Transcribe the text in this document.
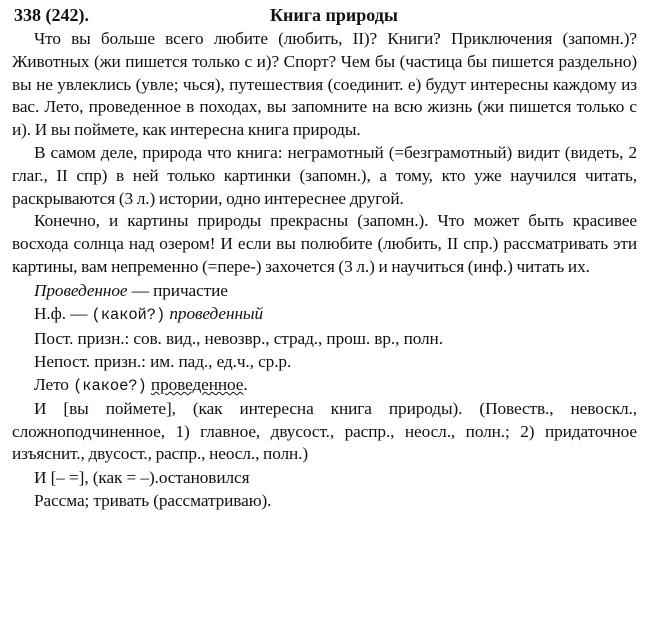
338 (242).	Книга природы

Что вы больше всего любите (любить, II)? Книги? Приключения (запомн.)? Животных (жи пишется только с и)? Спорт? Чем бы (частица бы пишется раздельно) вы не увлеклись (увле; чься), путешествия (соединит. е) будут интересны каждому из вас. Лето, проведенное в походах, вы запомните на всю жизнь (жи пишется только с и). И вы поймете, как интересна книга природы.

В самом деле, природа что книга: неграмотный (=безграмотный) видит (видеть, 2 глаг., II спр) в ней только картинки (запомн.), а тому, кто уже научился читать, раскрываются (3 л.) истории, одно интереснее другой.

Конечно, и картины природы прекрасны (запомн.). Что может быть красивее восхода солнца над озером! И если вы полюбите (любить, II спр.) рассматривать эти картины, вам непременно (=пере-) захочется (3 л.) и научиться (инф.) читать их.

Проведенное — причастие
Н.ф. — (какой?) проведенный
Пост. призн.: сов. вид., невозвр., страд., прош. вр., полн.
Непост. призн.: им. пад., ед.ч., ср.р.
Лето (какое?) проведенное.

И [вы поймете], (как интересна книга природы). (Повеств., невоскл., сложноподчиненное, 1) главное, двусост., распр., неосл., полн.; 2) придаточное изъяснит., двусост., распр., неосл., полн.)

И [– =], (как = –).остановился
Рассма; тривать (рассматриваю).
